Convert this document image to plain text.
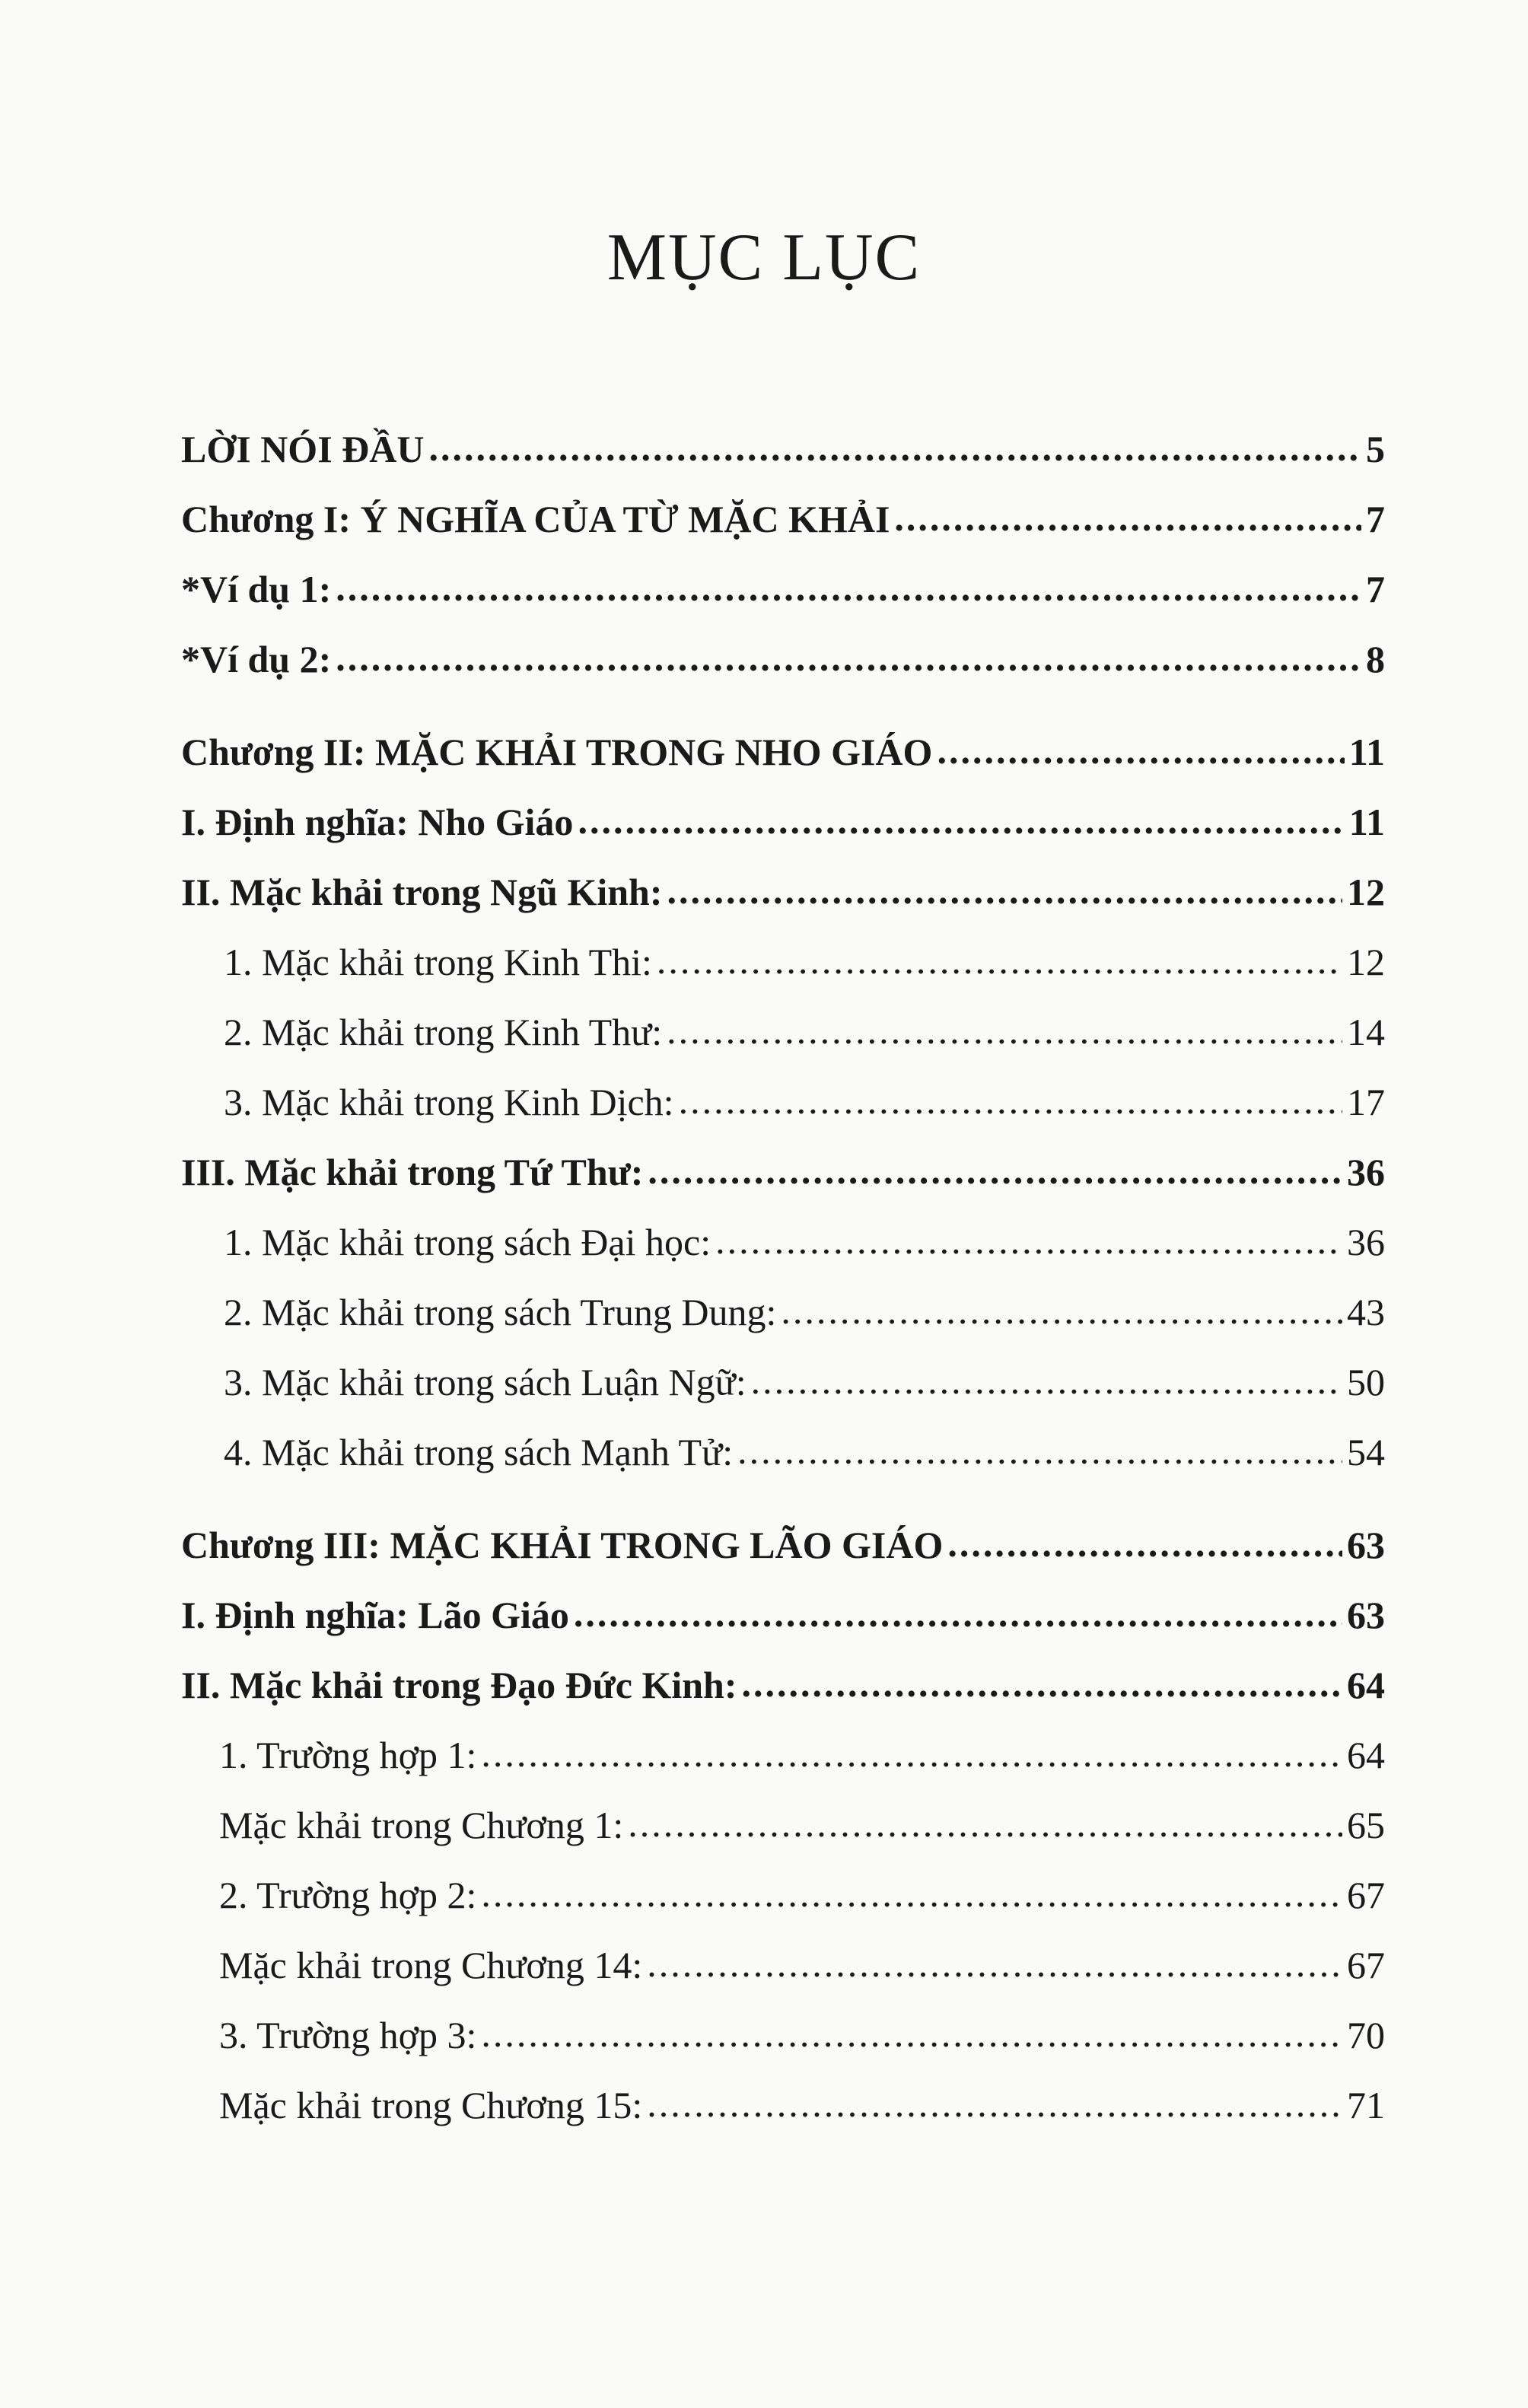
MỤC LỤC
LỜI NÓI ĐẦU .....	5
Chương I: Ý NGHĨA CỦA TỪ MẶC KHẢI .....	7
*Ví dụ 1: .....	7
*Ví dụ 2: .....	8
Chương II: MẶC KHẢI TRONG NHO GIÁO .....	11
I. Định nghĩa: Nho Giáo .....	11
II. Mặc khải trong Ngũ Kinh: .....	12
1. Mặc khải trong Kinh Thi: .....	12
2. Mặc khải trong Kinh Thư: .....	14
3. Mặc khải trong Kinh Dịch: .....	17
III. Mặc khải trong Tứ Thư: .....	36
1. Mặc khải trong sách Đại học: .....	36
2. Mặc khải trong sách Trung Dung: .....	43
3. Mặc khải trong sách Luận Ngữ: .....	50
4. Mặc khải trong sách Mạnh Tử: .....	54
Chương III: MẶC KHẢI TRONG LÃO GIÁO .....	63
I. Định nghĩa: Lão Giáo .....	63
II. Mặc khải trong Đạo Đức Kinh: .....	64
1. Trường hợp 1: .....	64
Mặc khải trong Chương 1: .....	65
2. Trường hợp 2: .....	67
Mặc khải trong Chương 14: .....	67
3. Trường hợp 3: .....	70
Mặc khải trong Chương 15: .....	71
